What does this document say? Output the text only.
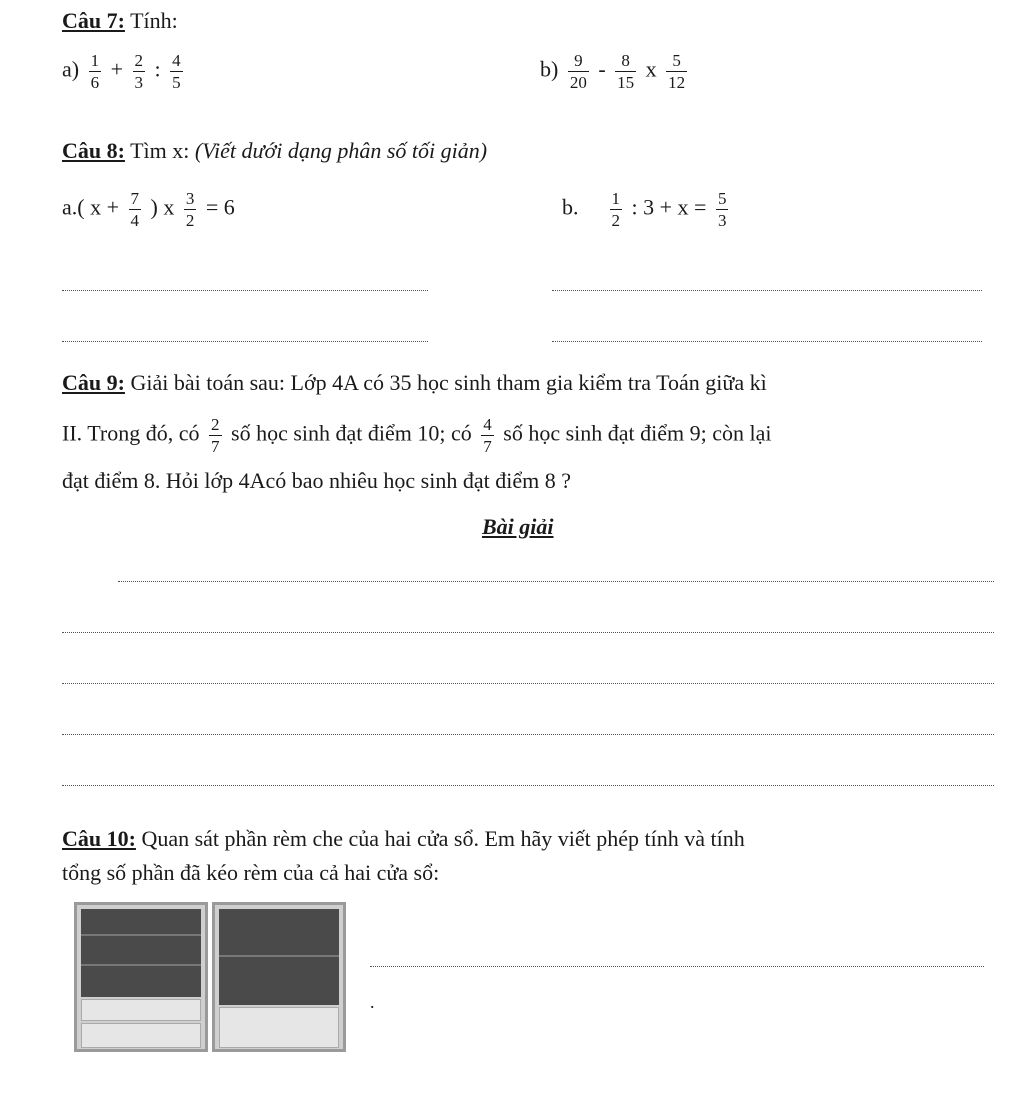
Câu 7: Tính:
$a) \frac{1}{6} + \frac{2}{3}$ : $\frac{4}{5}$	$b) \frac{9}{20} - \frac{8}{15}$ x $\frac{5}{12}$
Câu 8: Tìm x: (Viết dưới dạng phân số tối giản)
a.( $x + \frac{7}{4}$ ) x $\frac{3}{2} = 6$	b. $\frac{1}{2}$ : $3 + x = \frac{5}{3}$
Câu 9: Giải bài toán sau: Lớp 4A có 35 học sinh tham gia kiểm tra Toán giữa kì
II. Trong đó, có $\frac{2}{7}$ số học sinh đạt điểm 10; có $\frac{4}{7}$ số học sinh đạt điểm 9; còn lại
đạt điểm 8. Hỏi lớp 4Acó bao nhiêu học sinh đạt điểm 8 ?
Bài giải
Câu 10: Quan sát phần rèm che của hai cửa sổ. Em hãy viết phép tính và tính
tổng số phần đã kéo rèm của cả hai cửa sổ:
.
